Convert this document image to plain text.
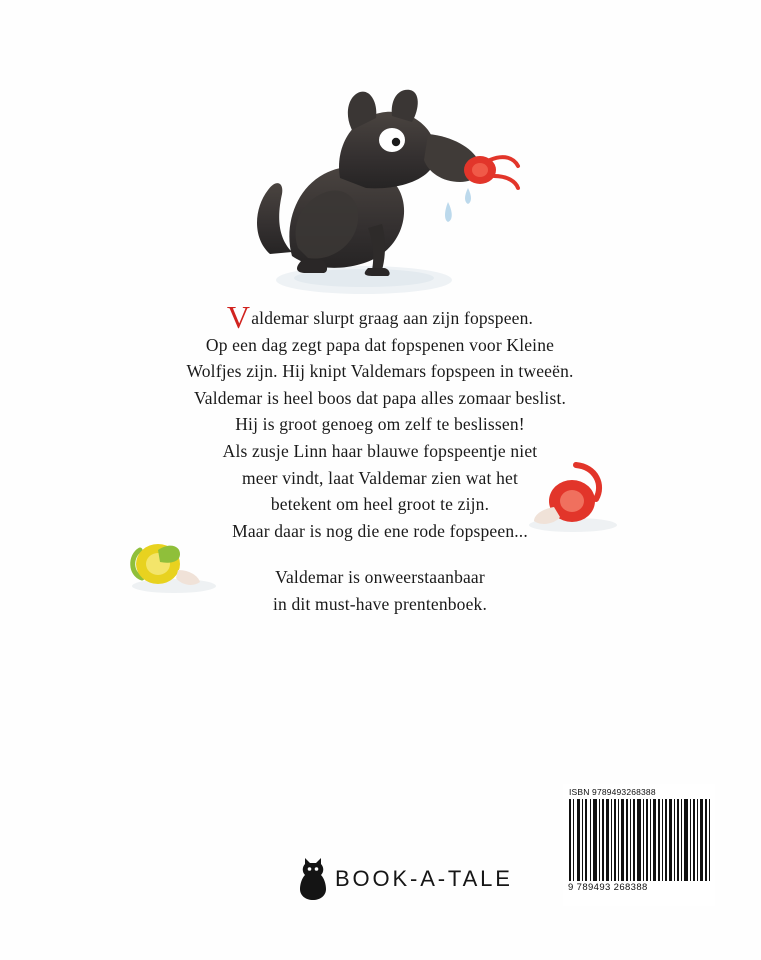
Valdemar slurpt graag aan zijn fopspeen.

Op een dag zegt papa dat fopspenen voor Kleine

Wolfjes zijn. Hij knipt Valdemars fopspeen in tweeën.

Valdemar is heel boos dat papa alles zomaar beslist.

Hij is groot genoeg om zelf te beslissen!

Als zusje Linn haar blauwe fopspeentje niet

meer vindt, laat Valdemar zien wat het

betekent om heel groot te zijn.

Maar daar is nog die ene rode fopspeen...

Valdemar is onweerstaanbaar

in dit must-have prentenboek.

BOOK-A-TALE
ISBN 9789493268388
9 789493 268388
